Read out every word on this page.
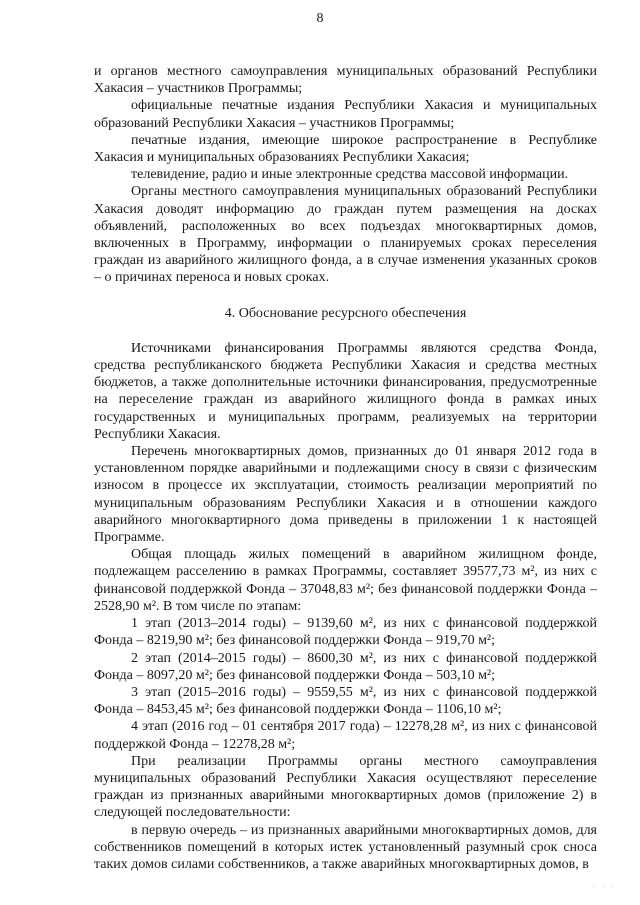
8

и органов местного самоуправления муниципальных образований Республики Хакасия – участников Программы;

официальные печатные издания Республики Хакасия и муниципальных образований Республики Хакасия – участников Программы;

печатные издания, имеющие широкое распространение в Республике Хакасия и муниципальных образованиях Республики Хакасия;

телевидение, радио и иные электронные средства массовой информации.

Органы местного самоуправления муниципальных образований Республики Хакасия доводят информацию до граждан путем размещения на досках объявлений, расположенных во всех подъездах многоквартирных домов, включенных в Программу, информации о планируемых сроках переселения граждан из аварийного жилищного фонда, а в случае изменения указанных сроков – о причинах переноса и новых сроках.

4. Обоснование ресурсного обеспечения

Источниками финансирования Программы являются средства Фонда, средства республиканского бюджета Республики Хакасия и средства местных бюджетов, а также дополнительные источники финансирования, предусмотренные на переселение граждан из аварийного жилищного фонда в рамках иных государственных и муниципальных программ, реализуемых на территории Республики Хакасия.

Перечень многоквартирных домов, признанных до 01 января 2012 года в установленном порядке аварийными и подлежащими сносу в связи с физическим износом в процессе их эксплуатации, стоимость реализации мероприятий по муниципальным образованиям Республики Хакасия и в отношении каждого аварийного многоквартирного дома приведены в приложении 1 к настоящей Программе.

Общая площадь жилых помещений в аварийном жилищном фонде, подлежащем расселению в рамках Программы, составляет 39577,73 м², из них с финансовой поддержкой Фонда – 37048,83 м²; без финансовой поддержки Фонда – 2528,90 м². В том числе по этапам:

1 этап (2013–2014 годы) – 9139,60 м², из них с финансовой поддержкой Фонда – 8219,90 м²; без финансовой поддержки Фонда – 919,70 м²;

2 этап (2014–2015 годы) – 8600,30 м², из них с финансовой поддержкой Фонда – 8097,20 м²; без финансовой поддержки Фонда – 503,10 м²;

3 этап (2015–2016 годы) – 9559,55 м², из них с финансовой поддержкой Фонда – 8453,45 м²; без финансовой поддержки Фонда – 1106,10 м²;

4 этап (2016 год – 01 сентября 2017 года) – 12278,28 м², из них с финансовой поддержкой Фонда – 12278,28 м²;

При реализации Программы органы местного самоуправления муниципальных образований Республики Хакасия осуществляют переселение граждан из признанных аварийными многоквартирных домов (приложение 2) в следующей последовательности:

в первую очередь – из признанных аварийными многоквартирных домов, для собственников помещений в которых истек установленный разумный срок сноса таких домов силами собственников, а также аварийных многоквартирных домов, в

· · ·
